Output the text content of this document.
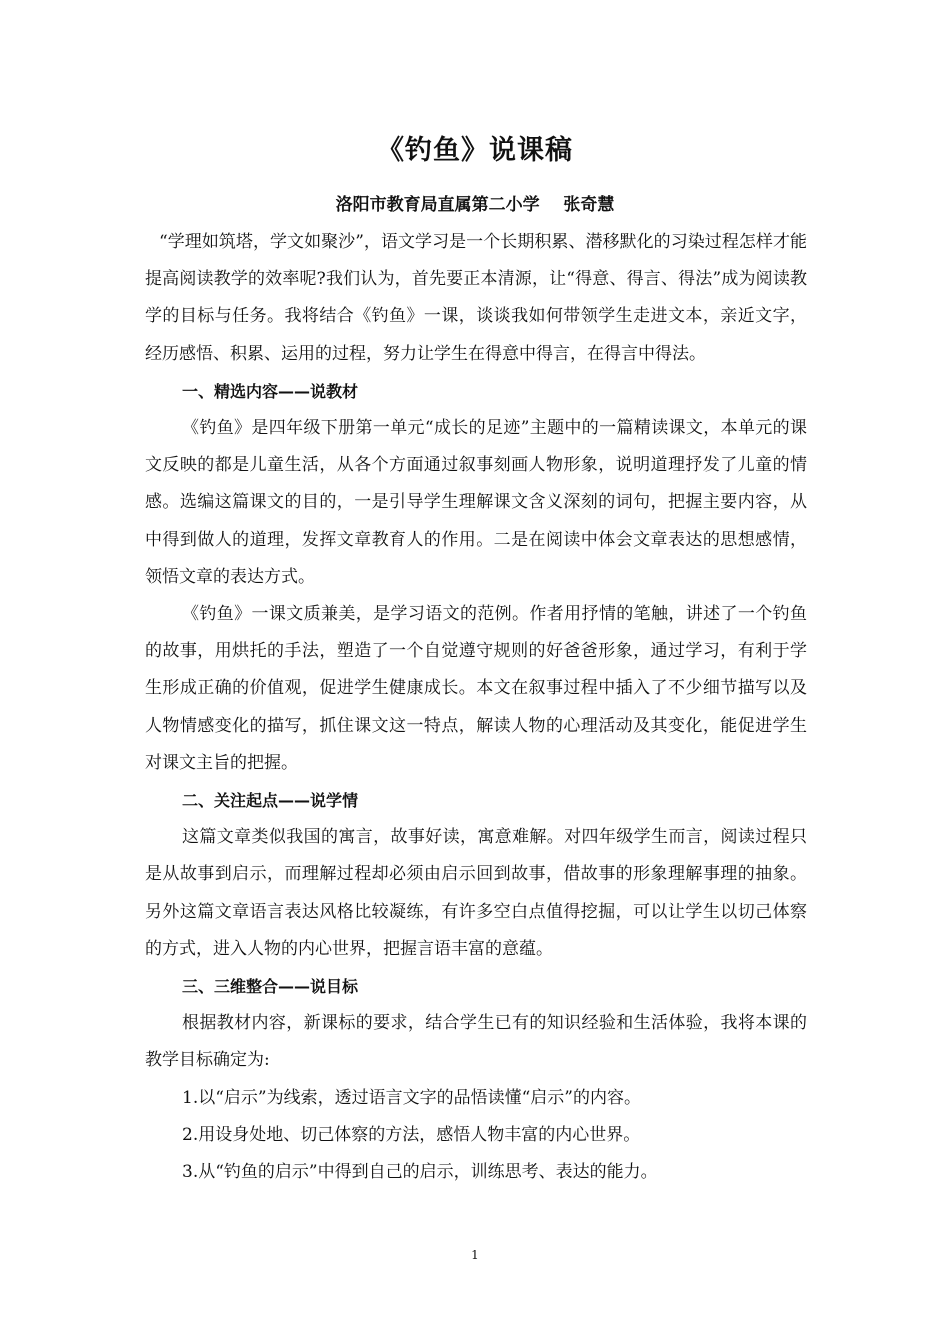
《钓鱼》说课稿
洛阳市教育局直属第二小学    张奇慧

“学理如筑塔，学文如聚沙”，语文学习是一个长期积累、潜移默化的习染过程怎样才能提高阅读教学的效率呢?我们认为，首先要正本清源，让“得意、得言、得法”成为阅读教学的目标与任务。我将结合《钓鱼》一课，谈谈我如何带领学生走进文本，亲近文字，经历感悟、积累、运用的过程，努力让学生在得意中得言，在得言中得法。

一、精选内容——说教材

《钓鱼》是四年级下册第一单元“成长的足迹”主题中的一篇精读课文，本单元的课文反映的都是儿童生活，从各个方面通过叙事刻画人物形象，说明道理抒发了儿童的情感。选编这篇课文的目的，一是引导学生理解课文含义深刻的词句，把握主要内容，从中得到做人的道理，发挥文章教育人的作用。二是在阅读中体会文章表达的思想感情，领悟文章的表达方式。

《钓鱼》一课文质兼美，是学习语文的范例。作者用抒情的笔触，讲述了一个钓鱼的故事，用烘托的手法，塑造了一个自觉遵守规则的好爸爸形象，通过学习，有利于学生形成正确的价值观，促进学生健康成长。本文在叙事过程中插入了不少细节描写以及人物情感变化的描写，抓住课文这一特点，解读人物的心理活动及其变化，能促进学生对课文主旨的把握。

二、关注起点——说学情

这篇文章类似我国的寓言，故事好读，寓意难解。对四年级学生而言，阅读过程只是从故事到启示，而理解过程却必须由启示回到故事，借故事的形象理解事理的抽象。另外这篇文章语言表达风格比较凝练，有许多空白点值得挖掘，可以让学生以切己体察的方式，进入人物的内心世界，把握言语丰富的意蕴。

三、三维整合——说目标

根据教材内容，新课标的要求，结合学生已有的知识经验和生活体验，我将本课的教学目标确定为:

1.以“启示”为线索，透过语言文字的品悟读懂“启示”的内容。

2.用设身处地、切己体察的方法，感悟人物丰富的内心世界。

3.从“钓鱼的启示”中得到自己的启示，训练思考、表达的能力。

1
